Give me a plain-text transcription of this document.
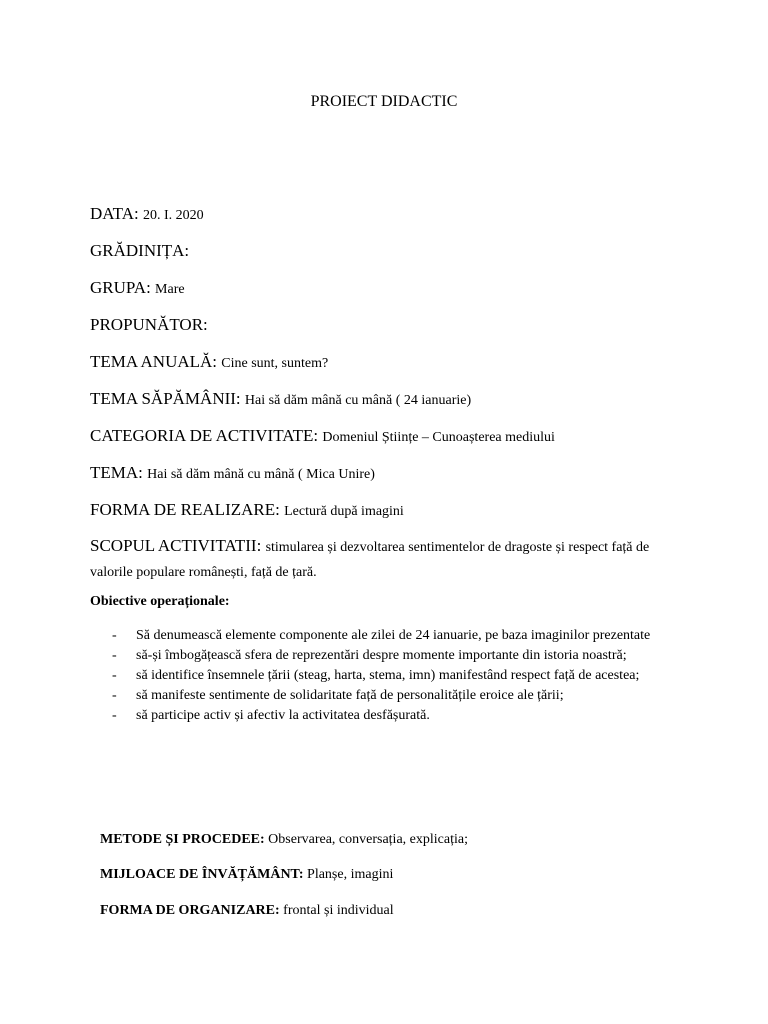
PROIECT DIDACTIC
DATA: 20. I. 2020
GRĂDINIȚA:
GRUPA: Mare
PROPUNĂTOR:
TEMA ANUALĂ: Cine sunt, suntem?
TEMA SĂPĂMÂNII: Hai să dăm mână cu mână ( 24 ianuarie)
CATEGORIA DE ACTIVITATE: Domeniul Științe – Cunoașterea mediului
TEMA: Hai să dăm mână cu mână ( Mica Unire)
FORMA DE REALIZARE: Lectură după imagini
SCOPUL ACTIVITATII: stimularea și dezvoltarea sentimentelor de dragoste și respect față de valorile populare românești, față de țară.
Obiective operaționale:
- Să denumească elemente componente ale zilei de 24 ianuarie, pe baza imaginilor prezentate
- să-și îmbogățească sfera de reprezentări despre momente importante din istoria noastră;
- să identifice însemnele țării (steag, harta, stema, imn) manifestând respect față de acestea;
- să manifeste sentimente de solidaritate față de personalitățile eroice ale țării;
- să participe activ și afectiv la activitatea desfășurată.
METODE ȘI PROCEDEE: Observarea, conversația, explicația;
MIJLOACE DE ÎNVĂȚĂMÂNT: Planșe, imagini
FORMA DE ORGANIZARE: frontal și individual
